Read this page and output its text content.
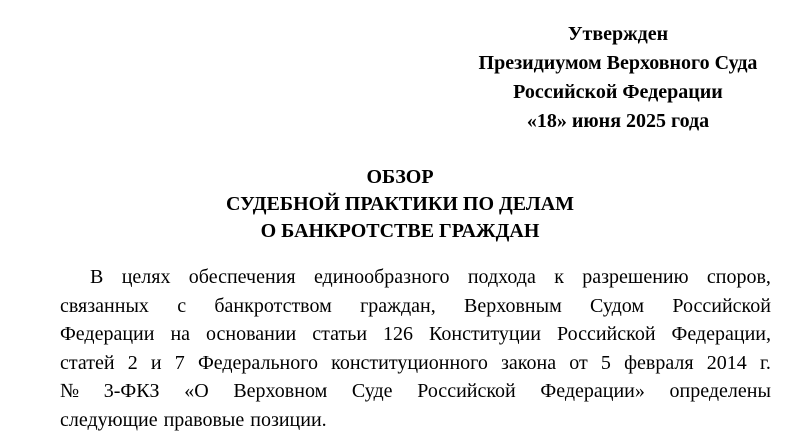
Утвержден
Президиумом Верховного Суда
Российской Федерации
«18» июня 2025 года
ОБЗОР
СУДЕБНОЙ ПРАКТИКИ ПО ДЕЛАМ
О БАНКРОТСТВЕ ГРАЖДАН
В целях обеспечения единообразного подхода к разрешению споров,
связанных с банкротством граждан, Верховным Судом Российской
Федерации на основании статьи 126 Конституции Российской Федерации,
статей 2 и 7 Федерального конституционного закона от 5 февраля 2014 г.
№ 3-ФКЗ «О Верховном Суде Российской Федерации» определены
следующие правовые позиции.
